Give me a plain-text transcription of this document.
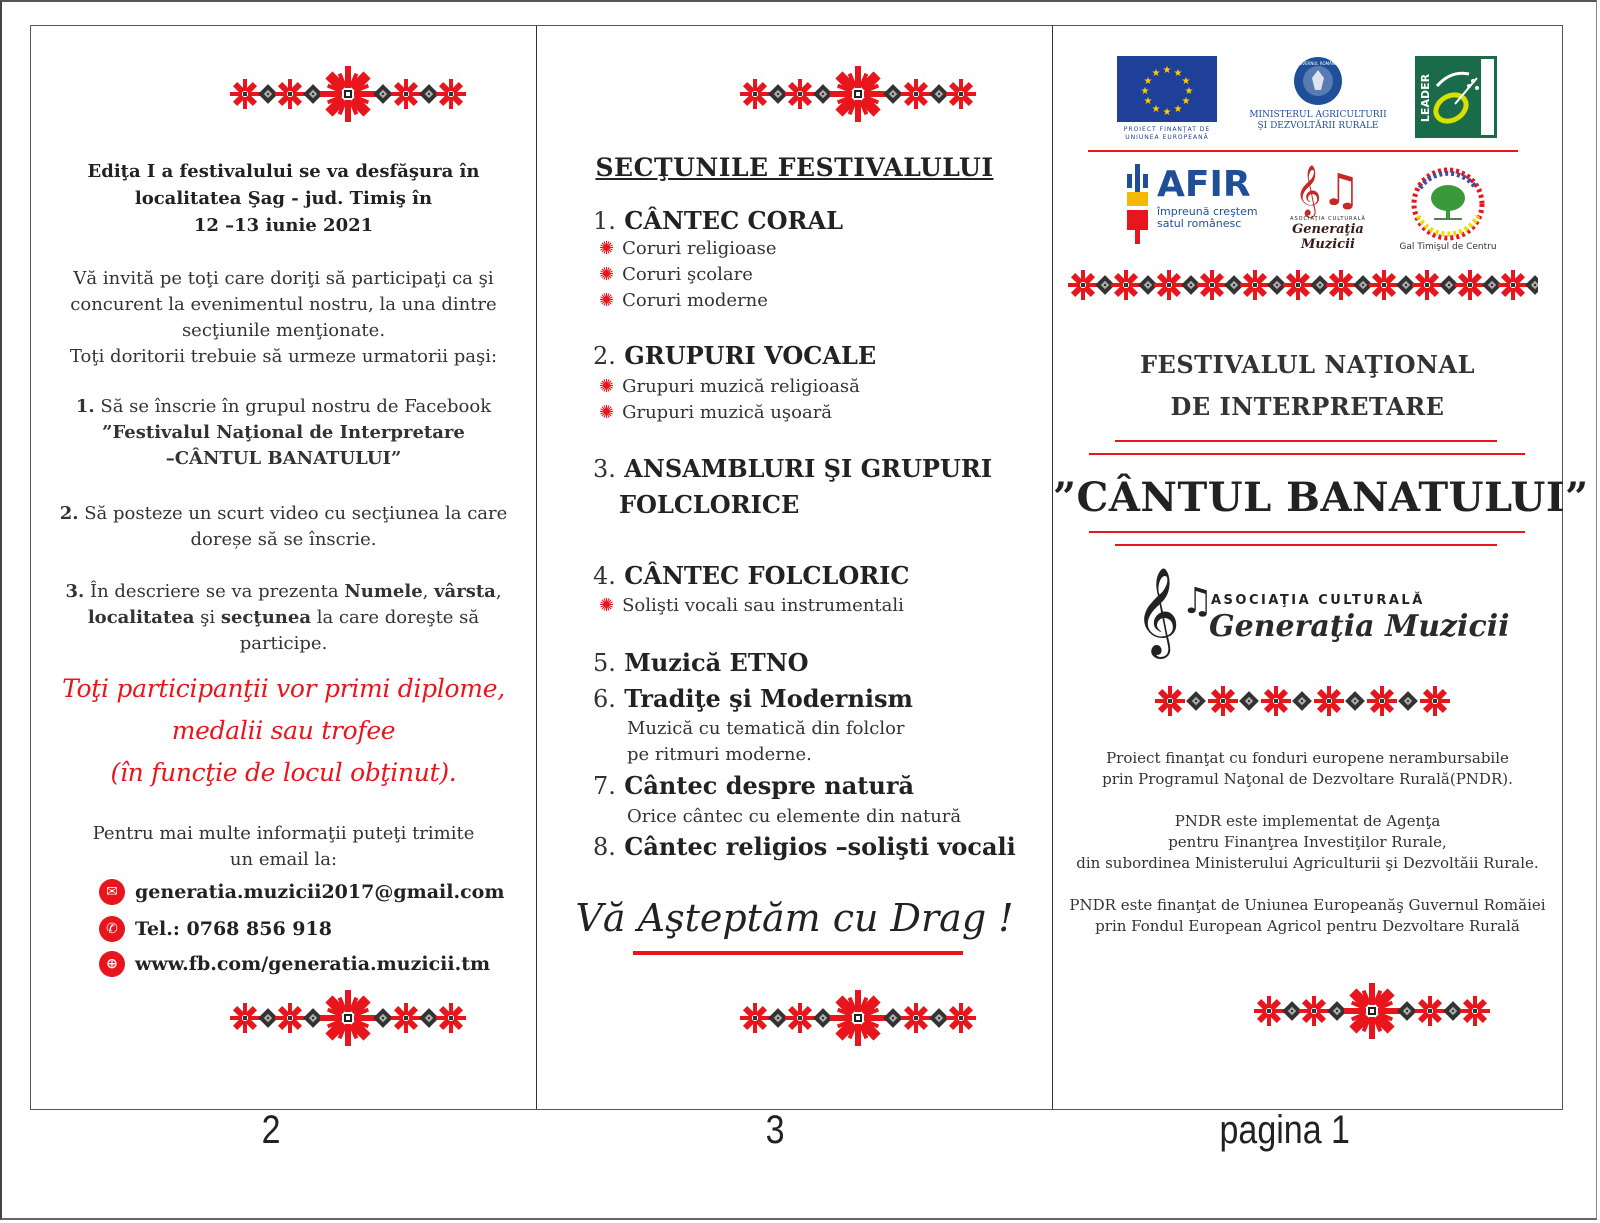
Ediţa I a festivalului se va desfăşura în
localitatea Şag - jud. Timiş în
12 –13 iunie 2021
Vă invită pe toţi care doriţi să participaţi ca şi
concurent la evenimentul nostru, la una dintre
secţiunile menţionate.
Toţi doritorii trebuie să urmeze urmatorii paşi:
1. Să se înscrie în grupul nostru de Facebook
”Festivalul Naţional de Interpretare
–CÂNTUL BANATULUI”
2. Să posteze un scurt video cu secţiunea la care
doreșe să se înscrie.
3. În descriere se va prezenta Numele, vârsta,
localitatea şi secţunea la care doreşte să
participe.
Toţi participanţii vor primi diplome,
medalii sau trofee
(în funcţie de locul obţinut).
Pentru mai multe informaţii puteţi trimite
un email la:
✉ generatia.muzicii2017@gmail.com
✆ Tel.: 0768 856 918
⊕ www.fb.com/generatia.muzicii.tm
SECŢUNILE FESTIVALULUI
1. CÂNTEC CORAL
✺ Coruri religioase
✺ Coruri şcolare
✺ Coruri moderne
2. GRUPURI VOCALE
✺ Grupuri muzică religioasă
✺ Grupuri muzică uşoară
3. ANSAMBLURI ŞI GRUPURI
FOLCLORICE
4. CÂNTEC FOLCLORIC
✺ Solişti vocali sau instrumentali
5. Muzică ETNO
6. Tradiţe şi Modernism
Muzică cu tematică din folclor
pe ritmuri moderne.
7. Cântec despre natură
Orice cântec cu elemente din natură
8. Cântec religios –solişti vocali
Vă Aşteptăm cu Drag !
★ ★
★
★
★
★
★
★
★
★
★
★
PROIECT FINANŢAT DE
UNIUNEA EUROPEANĂ
GUVERNUL ROMÂNIEI
MINISTERUL AGRICULTURII
ŞI DEZVOLTĂRII RURALE
LEADER
AFIR
împreună creştem
satul românesc
𝄞♫
ASOCIAŢIA CULTURALĂ
Generaţia Muzicii	Gal Timişul de Centru
FESTIVALUL NAŢIONAL
DE INTERPRETARE
”CÂNTUL BANATULUI”
𝄞 ♫
ASOCIAŢIA CULTURALĂ
Generaţia Muzicii
Proiect finanţat cu fonduri europene nerambursabile
prin Programul Naţonal de Dezvoltare Rurală(PNDR).
PNDR este implementat de Agenţa
pentru Finanţrea Investiţilor Rurale,
din subordinea Ministerului Agriculturii şi Dezvoltăii Rurale.
PNDR este finanţat de Uniunea Europeanăş Guvernul Romăiei
prin Fondul European Agricol pentru Dezvoltare Rurală
2	3	pagina 1
